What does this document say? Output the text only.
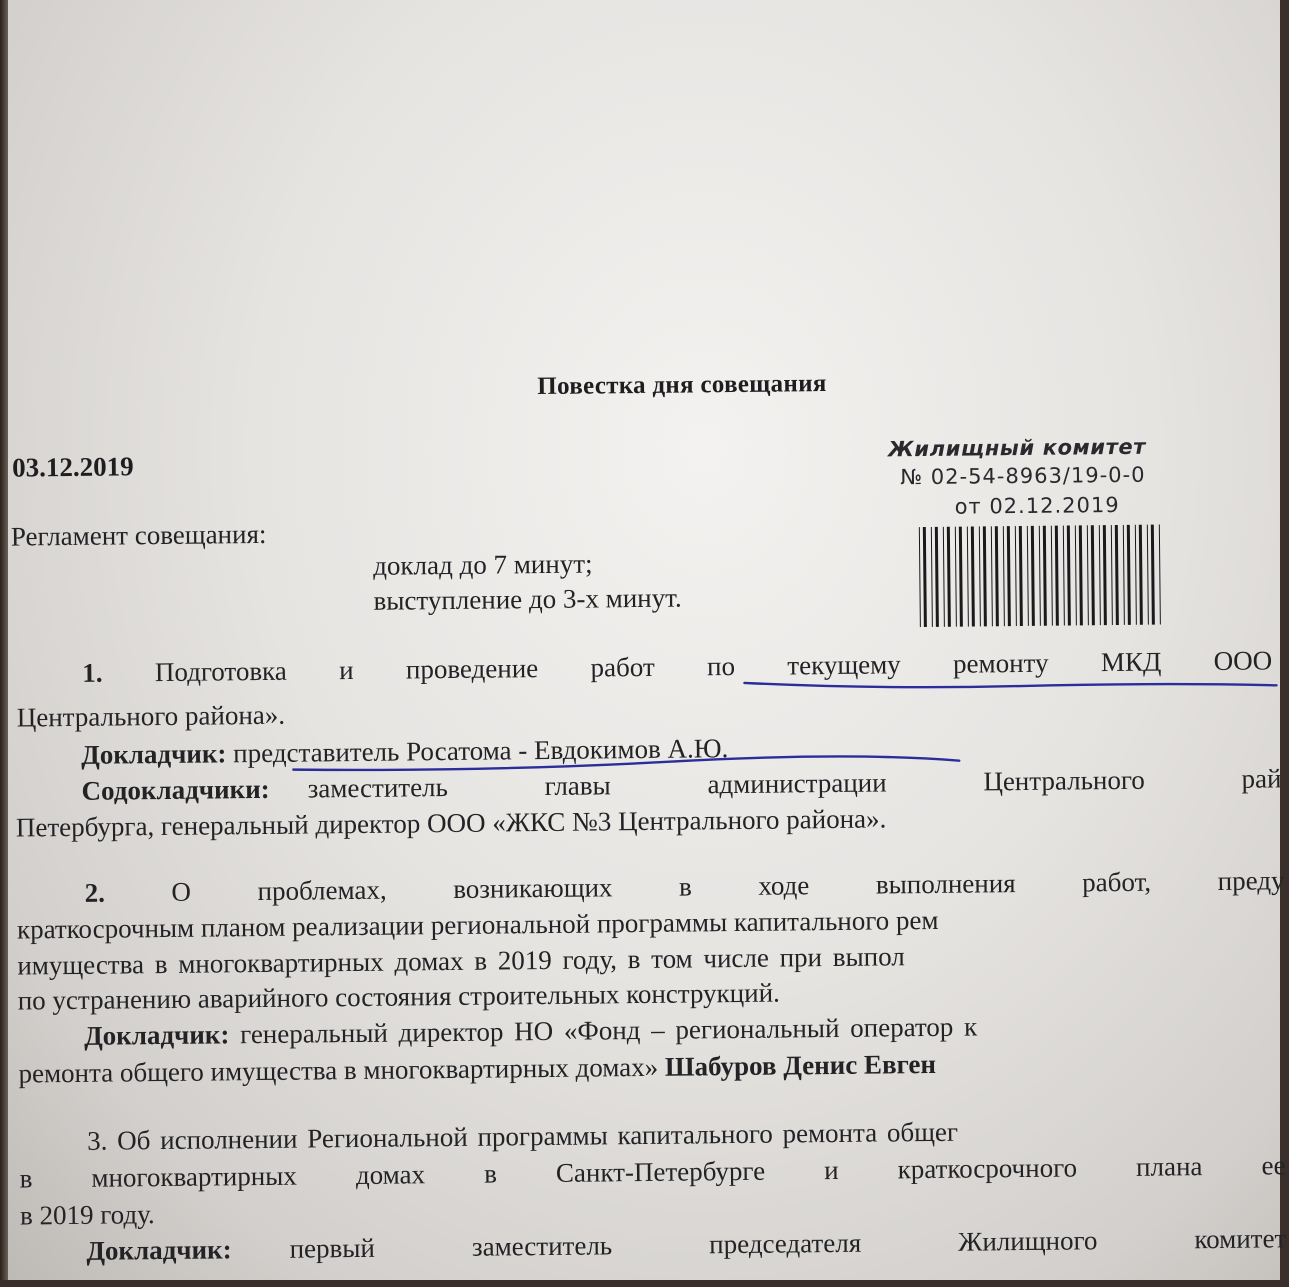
Повестка дня совещания
03.12.2019
Жилищный комитет
№ 02-54-8963/19-0-0
от 02.12.2019
Регламент совещания:
доклад до 7 минут;
выступление до 3-х минут.
1. Подготовка и проведение работ по текущему ремонту МКД ООО
Центрального района».
Докладчик: представитель Росатома - Евдокимов А.Ю.
Содокладчики: заместитель	главы	администрации	Центрального	рай
Петербурга, генеральный директор ООО «ЖКС №3 Центрального района».
2. О проблемах, возникающих в ходе выполнения работ, преду
краткосрочным планом реализации региональной программы капитального рем
имущества в многоквартирных домах в 2019 году, в том числе при выпол
по устранению аварийного состояния строительных конструкций.
Докладчик: генеральный директор НО «Фонд – региональный оператор к
ремонта общего имущества в многоквартирных домах» Шабуров Денис Евген
3. Об исполнении Региональной программы капитального ремонта общег
в многоквартирных домах в Санкт-Петербурге и краткосрочного плана ее
в 2019 году.
Докладчик: первый	заместитель	председателя	Жилищного	комитет
